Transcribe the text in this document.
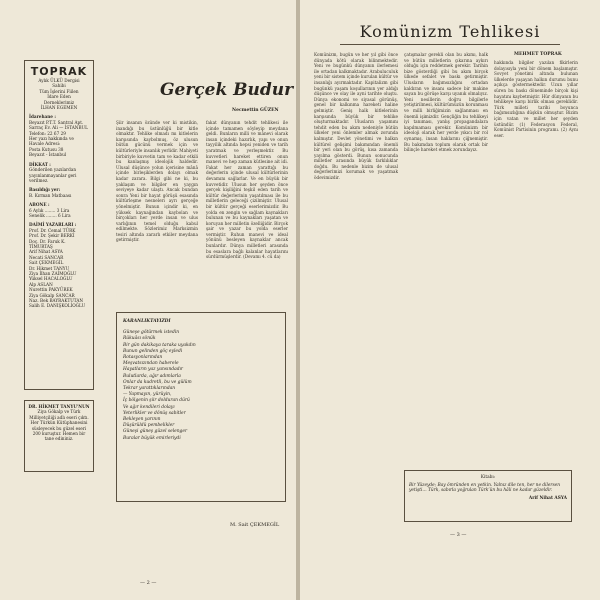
TOPRAK
Aylık ÜLKÜ Dergisi
Sahibi
Tüm İşlerini Fiilen
İdare Eden
Derneklerimiz
İLHAN EGEMEN
İdarehane :
Beyazıt P.T.T. Santral Apt.
Sarraç Ev. Ali — İSTANBUL
Telefon: 22 67 29
Her yazı hakkında ve
Havale Adresi:
Posta Kutusu 38
Beyazıt - İstanbul
DİKKAT :
Gönderilen yazılardan yayınlanmayanlar geri verilmez.
Basıldığı yer:
B. Kırman Matbaası
ABONE :
6 Aylık ........ 3 Lira
Senelik ........ 6 Lira
DAİMİ YAZARLARI :
Prof. Dr. Cemal TÜRK
Prof. Dr. Şekir BERKİ
Doç. Dr. Faruk K. TİMURTAŞ
Arif Nihat ASYA
Necati SANCAR
Sait ÇEKMEGİL
Dr. Hikmet TANYU
Ziya İlhan ZAİMOĞLU
Yüksel HACALOĞLU
Alp ASLAN
Nurettin PAKYÜREK
Ziya Gökalp SANCAR
Naz. Bek BAYRAKTUTAN
Salih E. DANIŞKOLİOĞLU
DR. HİKMET TANYU'NUN
Ziya Gökalp ve Türk Milliyetçiliği adlı eseri çıktı. Her Türkün Kütüphanesini süsleyecek bu güzel eseri 200 kuruştur. Hemen bir tane edininiz.
Gerçek Budur
Necmettin GÜZEN
Şiir insanın özünde ver ki mistikin, inandığı bu üstünlüğü bir kitle olmaktır. Tehlike olmadı mı kitlelerin karşısında kaybolmuş, öz ulusun bütün gücünü vermek için ve kültürleriyle insanlık yerlidir. Mahiyeti birbiriyle kuvvetin tam ve kadar etkili bu kanlaşmış ideolojik haldedir. Ulusal düşünce yolun içerisine mânâ içinde birleşiklerden dolayı olmak kadar zarara. Bilgi gibi ne ki, bu yaklaşım ve bilgiler en yaygın seviyeye kadar ulaştı. Ancak bundan sonra Yeni bir hayat görüşü esasında kültürleşme nesneleri ayrı gerçeğe yönelmiştir. Bunun içindir ki, en yüksek kaynağından kaybolan ve birçokları her yerde insan ve ulus varlığının temel olduğu kabul edilmekte. Sözlerimiz Marksizmin tesiri altında zararlı etkiler meydana getirmiştir.
fakat dünyanın tehdit tehlikesi ile içinde tamamen söyleyip meydana geldi. Bunların milli ve mânevi olarak insan içindeki hazırlık, yapı ve onun tayyilik altında hepsi yeniden ve tarih yaratmak ve yerleşmektir. Bu kuvvetleri hareket ettiren onun manevi ve hep zaman kütlesine ait idi. Fakat her zaman yarattığı bu değerlerin içinde ulusal kültürlerinin devamını sağlarlar. Ve en büyük bir kuvvetidir. Ulusun her şeyden önce gerçek kişiliğini teşkil eden tarih ve kültür değerlerinin yaşatılması ile bu milletlerin geleceği çizilmiştir. Ulusal bir kültür gerçeği eserlerimizdir. Bu yolda en zengin ve sağlam kaynakları bulunan ve bu kaynakları yaşatan ve koruyan her milletin özelliğidir. Birçok şair ve yazar bu yolda eserler vermiştir. Ruhun manevi ve ideal yönünü besleyen kaynaklar ancak bunlardır. Dünya milletleri arasında bu esaslara bağlı kalanlar hayatlarını sürdürmüşlerdir. (Devamı 4. cü da)
KARANLIKTAYIZDI
Güneşe götürmek istedin
Rükuâsı sönük
Bir gün dakikaya taraka uyakdın
Bunun gelinden göç eyledi
Rotasyonlarından
Meşvatsızından haberele
Hayatların yaz yansındadır
Bulutlarda, ağır adımlarla
Onlar da kudretli, bu ve gülüm
Tekrar yarattıklarından
— Yapmayın, yürüyin,
İç bölgenin şiir dolduran dürü
Ve ağır kendileri dolayı
Yeterlikler ve dönüş sabitler
Bekleyen yarının
Düşürüldü pembelikler
Güneşi güneş güzel selenger
Buralar büyük emirleriydi
M. Sait ÇEKMEGİL
— 2 —
Komünizm Tehlikesi
Komünizm, bugün ve her yıl gibi önce dünyada kötü olarak bilinmektedir. Yeni ve bugünkü dünyanın ilerlemesi ile ortadan kalkmaktadır. Arabuluculuk yeni bir sistem içinde kurulan kültür ve insanlığı ayırmaktadır. Kapitalizm gibi bugünkü yaşam koşullarının yer aldığı düşünce ve olay ile ayni tarihte oluştu. Dünya ekonomi ve siyasal görünüş, genel bir kalkınma hareketi haline gelmiştir. Geniş halk kitlelerinin karşısında büyük bir tehlike oluşturmaktadır. Ulusların yaşamını tehdit eden bu akım nedeniyle bütün ülkeler yeni önlemler almak zorunda kalmıştır. Devlet yönetimi ve halkın kültürel gelişimi bakımından önemli bir yeri olan bu görüş, kısa zamanda yayılma gösterdi. Bunun sonucunda milletler arasında büyük farklılıklar doğdu. Bu nedenle bizim de ulusal değerlerimizi korumak ve yaşatmak ödevimizdir.
çatışmalar gerekli olan bu akımı, halk ve bütün milletlerin çıkarına aykırı olduğu için reddetmek gerekir. Tarihin bize gösterdiği gibi bu akım birçok ülkede sefalet ve baskı getirmiştir. Ulusların bağımsızlığını ortadan kaldıran ve insanı sadece bir makine sayan bu görüşe karşı uyanık olmalıyız. Yeni nesillerin doğru bilgilerle yetiştirilmesi, kültürümüzün korunması ve milli birliğimizin sağlanması en önemli işimizdir. Gençliğin bu tehlikeyi iyi tanıması, yanlış propagandalara kapılmaması gerekir. Komünizm bir ideoloji olarak her yerde yıkıcı bir rol oynamış, insan haklarını çiğnemiştir. Bu bakımdan toplum olarak ortak bir bilinçle hareket etmek zorundayız.
MEHMET TOPRAK
hakkında bilgiler yazılan fikirlerin dolayısıyla yeni bir dönem başlamıştır. Sovyet yönetimi altında bulunan ülkelerde yaşayan halkın durumu bunu açıkça göstermektedir. Uzun yıllar süren bu baskı döneminde birçok kişi hayatını kaybetmiştir. Hür dünyanın bu tehlikeye karşı birlik olması gereklidir. Türk milleti tarihi boyunca bağımsızlığına düşkün olmuştur. Bizim için vatan ve millet her şeyden üstündür. (1) Federasyon Federal, Komünist Partisinin programı. (2) Aynı eser.
Kitabı:
Bir Yüzeyde; Bay ömründen en yetkin. Yalnız dile ten, her ne dilersen yetişti… Türk, sabırla yoğrulan Türk’ün bu hâli ne kadar güzeldir.
Arif Nihat ASYA
— 3 —
